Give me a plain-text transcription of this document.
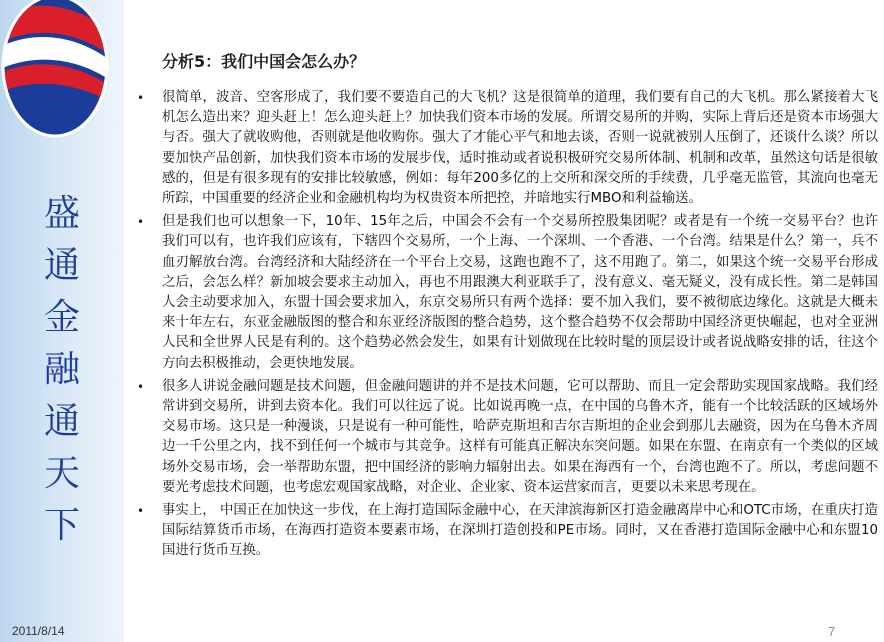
盛
通
金
融
通
天
下
2011/8/14
分析5：我们中国会怎么办？
• 很简单，波音、空客形成了，我们要不要造自己的大飞机？这是很简单的道理，我们要有自己的大飞机。那么紧接着大飞机怎么造出来？迎头赶上！怎么迎头赶上？加快我们资本市场的发展。所谓交易所的并购，实际上背后还是资本市场强大与否。强大了就收购他，否则就是他收购你。强大了才能心平气和地去谈，否则一说就被别人压倒了，还谈什么谈？所以要加快产品创新，加快我们资本市场的发展步伐，适时推动或者说积极研究交易所体制、机制和改革，虽然这句话是很敏感的，但是有很多现有的安排比较敏感，例如：每年200多亿的上交所和深交所的手续费，几乎毫无监管，其流向也毫无所踪，中国重要的经济企业和金融机构均为权贵资本所把控，并暗地实行MBO和利益输送。
• 但是我们也可以想象一下，10年、15年之后，中国会不会有一个交易所控股集团呢？或者是有一个统一交易平台？也许我们可以有，也许我们应该有，下辖四个交易所，一个上海、一个深圳、一个香港、一个台湾。结果是什么？第一，兵不血刃解放台湾。台湾经济和大陆经济在一个平台上交易，这跑也跑不了，这不用跑了。第二，如果这个统一交易平台形成之后，会怎么样？新加坡会要求主动加入，再也不用跟澳大利亚联手了，没有意义、毫无疑义，没有成长性。第二是韩国人会主动要求加入，东盟十国会要求加入，东京交易所只有两个选择：要不加入我们，要不被彻底边缘化。这就是大概未来十年左右，东亚金融版图的整合和东亚经济版图的整合趋势，这个整合趋势不仅会帮助中国经济更快崛起，也对全亚洲人民和全世界人民是有利的。这个趋势必然会发生，如果有计划做现在比较时髦的顶层设计或者说战略安排的话，往这个方向去积极推动，会更快地发展。
• 很多人讲说金融问题是技术问题，但金融问题讲的并不是技术问题，它可以帮助、而且一定会帮助实现国家战略。我们经常讲到交易所，讲到去资本化。我们可以往远了说。比如说再晚一点，在中国的乌鲁木齐，能有一个比较活跃的区域场外交易市场。这只是一种漫谈，只是说有一种可能性，哈萨克斯坦和吉尔吉斯坦的企业会到那儿去融资，因为在乌鲁木齐周边一千公里之内，找不到任何一个城市与其竞争。这样有可能真正解决东突问题。如果在东盟、在南京有一个类似的区域场外交易市场，会一举帮助东盟，把中国经济的影响力辐射出去。如果在海西有一个，台湾也跑不了。所以，考虑问题不要光考虑技术问题，也考虑宏观国家战略，对企业、企业家、资本运营家而言，更要以未来思考现在。
• 事实上， 中国正在加快这一步伐，在上海打造国际金融中心，在天津滨海新区打造金融离岸中心和OTC市场，在重庆打造国际结算货币市场，在海西打造资本要素市场，在深圳打造创投和PE市场。同时，又在香港打造国际金融中心和东盟10国进行货币互换。
7
